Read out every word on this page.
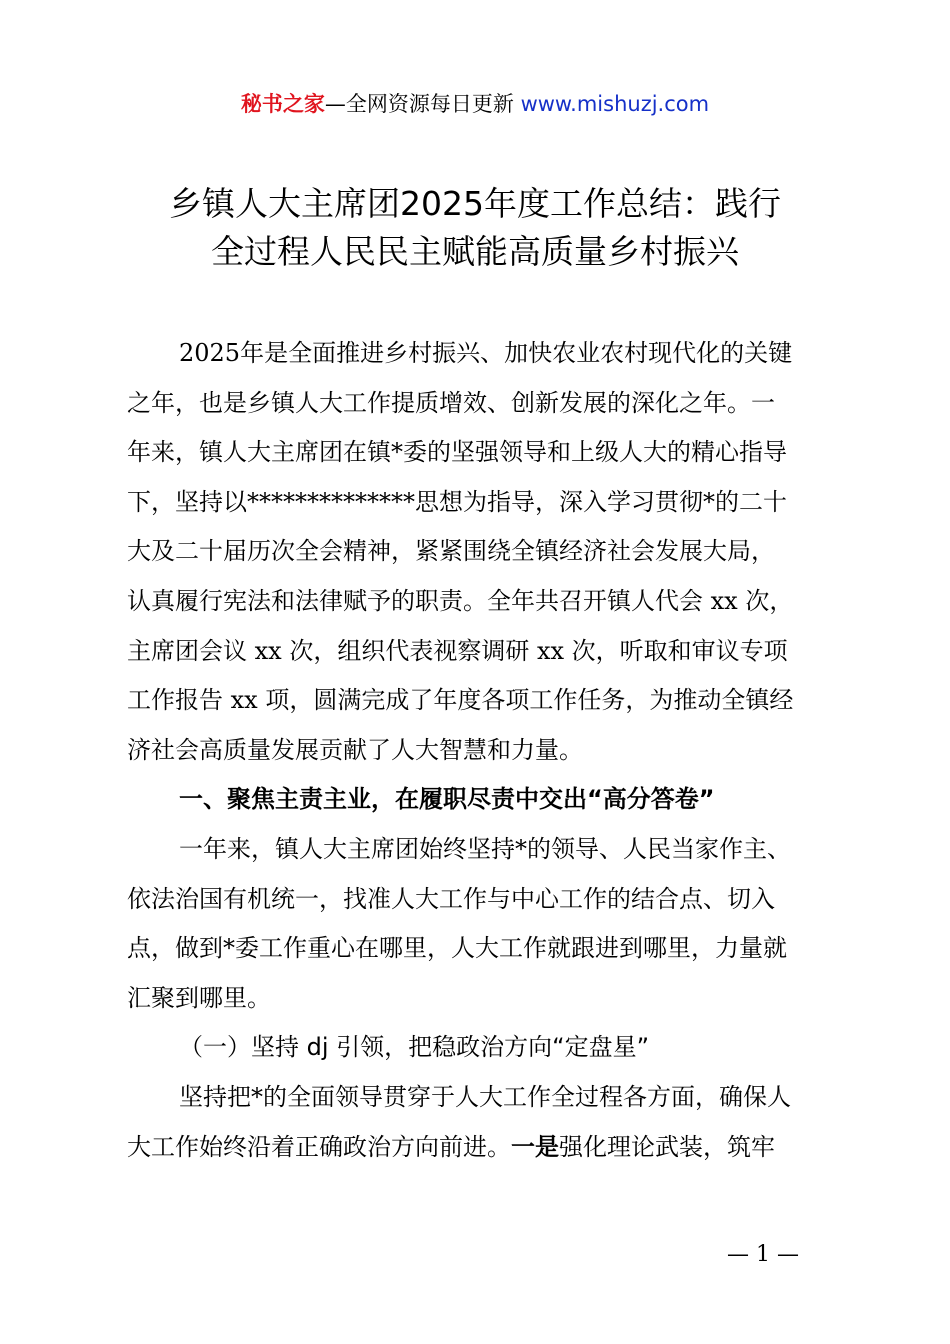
秘书之家—全网资源每日更新 www.mishuzj.com
乡镇人大主席团2025年度工作总结：践行
全过程人民民主赋能高质量乡村振兴
2025年是全面推进乡村振兴、加快农业农村现代化的关键
之年，也是乡镇人大工作提质增效、创新发展的深化之年。一
年来，镇人大主席团在镇*委的坚强领导和上级人大的精心指导
下，坚持以**************思想为指导，深入学习贯彻*的二十
大及二十届历次全会精神，紧紧围绕全镇经济社会发展大局，
认真履行宪法和法律赋予的职责。全年共召开镇人代会 xx 次，
主席团会议 xx 次，组织代表视察调研 xx 次，听取和审议专项
工作报告 xx 项，圆满完成了年度各项工作任务，为推动全镇经
济社会高质量发展贡献了人大智慧和力量。
一、聚焦主责主业，在履职尽责中交出“高分答卷”
一年来，镇人大主席团始终坚持*的领导、人民当家作主、
依法治国有机统一，找准人大工作与中心工作的结合点、切入
点，做到*委工作重心在哪里，人大工作就跟进到哪里，力量就
汇聚到哪里。
（一）坚持 dj 引领，把稳政治方向“定盘星”
坚持把*的全面领导贯穿于人大工作全过程各方面，确保人
大工作始终沿着正确政治方向前进。一是强化理论武装，筑牢
— 1 —
